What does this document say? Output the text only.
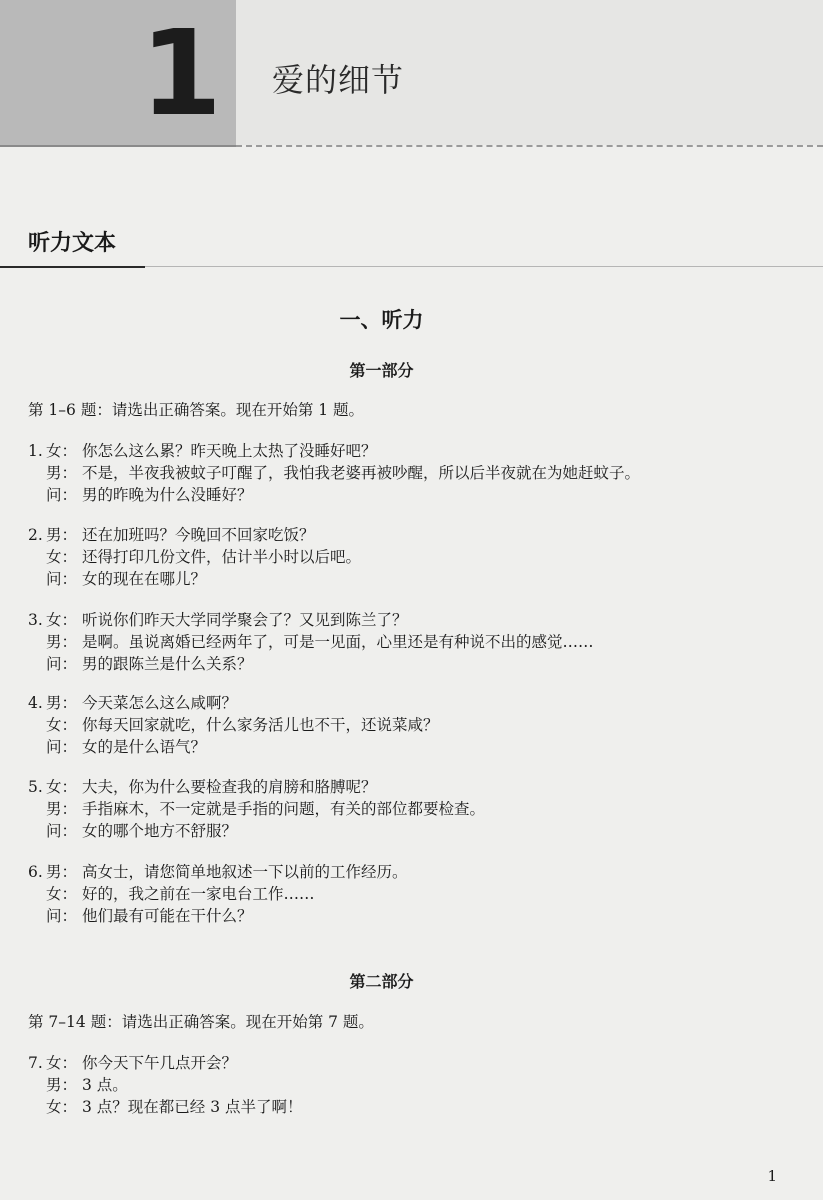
1 爱的细节
听力文本
一、听力
第一部分
第 1–6 题：请选出正确答案。现在开始第 1 题。
1. 女： 你怎么这么累？昨天晚上太热了没睡好吧？
男： 不是，半夜我被蚊子叮醒了，我怕我老婆再被吵醒，所以后半夜就在为她赶蚊子。
问： 男的昨晚为什么没睡好？
2. 男： 还在加班吗？今晚回不回家吃饭？
女： 还得打印几份文件，估计半小时以后吧。
问： 女的现在在哪儿？
3. 女： 听说你们昨天大学同学聚会了？又见到陈兰了？
男： 是啊。虽说离婚已经两年了，可是一见面，心里还是有种说不出的感觉……
问： 男的跟陈兰是什么关系？
4. 男： 今天菜怎么这么咸啊？
女： 你每天回家就吃，什么家务活儿也不干，还说菜咸？
问： 女的是什么语气？
5. 女： 大夫，你为什么要检查我的肩膀和胳膊呢？
男： 手指麻木，不一定就是手指的问题，有关的部位都要检查。
问： 女的哪个地方不舒服？
6. 男： 高女士，请您简单地叙述一下以前的工作经历。
女： 好的，我之前在一家电台工作……
问： 他们最有可能在干什么？
第二部分
第 7–14 题：请选出正确答案。现在开始第 7 题。
7. 女： 你今天下午几点开会？
男： 3 点。
女： 3 点？现在都已经 3 点半了啊！
1
